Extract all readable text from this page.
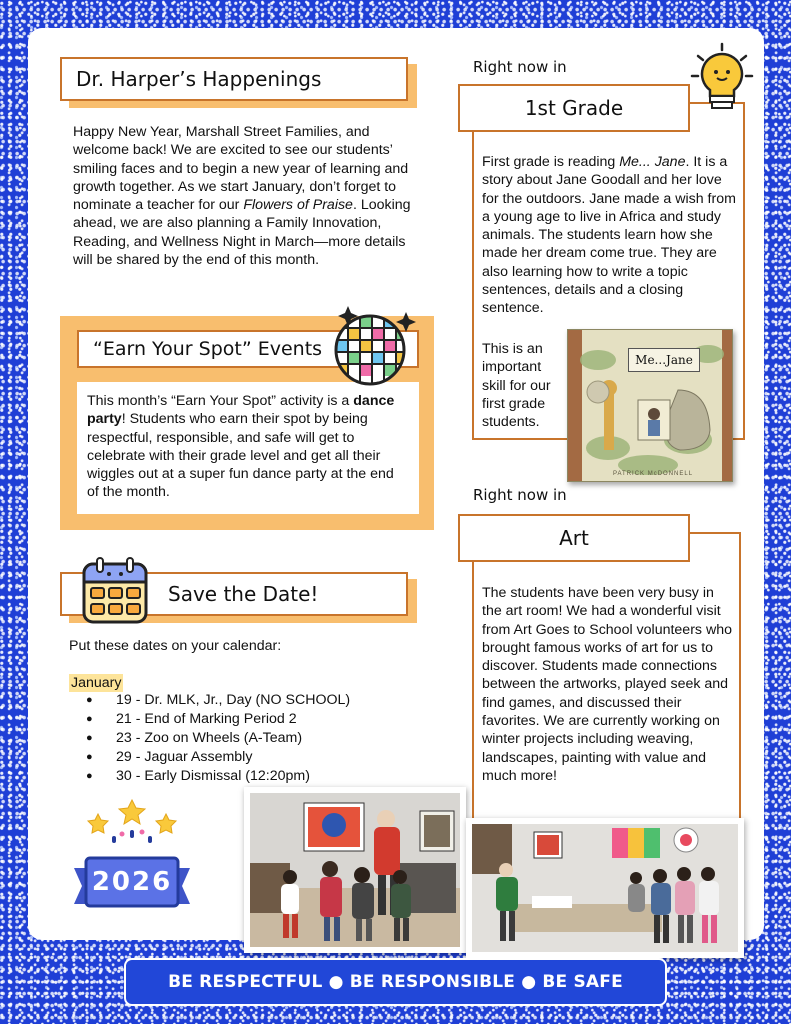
Dr. Harper’s Happenings
Happy New Year, Marshall Street Families, and welcome back! We are excited to see our students’ smiling faces and to begin a new year of learning and growth together. As we start January, don’t forget to nominate a teacher for our Flowers of Praise. Looking ahead, we are also planning a Family Innovation, Reading, and Wellness Night in March—more details will be shared by the end of this month.
“Earn Your Spot” Events
This month’s “Earn Your Spot” activity is a dance party! Students who earn their spot by being respectful, responsible, and safe will get to celebrate with their grade level and get all their wiggles out at a super fun dance party at the end of the month.
Save the Date!
Put these dates on your calendar:
January
●	19 - Dr. MLK, Jr., Day (NO SCHOOL)
●	21 - End of Marking Period 2
●	23 - Zoo on Wheels (A-Team)
●	29 - Jaguar Assembly
●	30 - Early Dismissal (12:20pm)
2026
Right now in
1st Grade
First grade is reading Me... Jane. It is a story about Jane Goodall and her love for the outdoors. Jane made a wish from a young age to live in Africa and study animals. The students learn how she made her dream come true. They are also learning how to write a topic sentences, details and a closing sentence.
This is an important skill for our first grade students.
Me...Jane
PATRICK McDONNELL
Right now in
Art
The students have been very busy in the art room! We had a wonderful visit from Art Goes to School volunteers who brought famous works of art for us to discover. Students made connections between the artworks, played seek and find games, and discussed their favorites. We are currently working on winter projects including weaving, landscapes, painting with value and much more!
BE RESPECTFUL ● BE RESPONSIBLE ● BE SAFE
